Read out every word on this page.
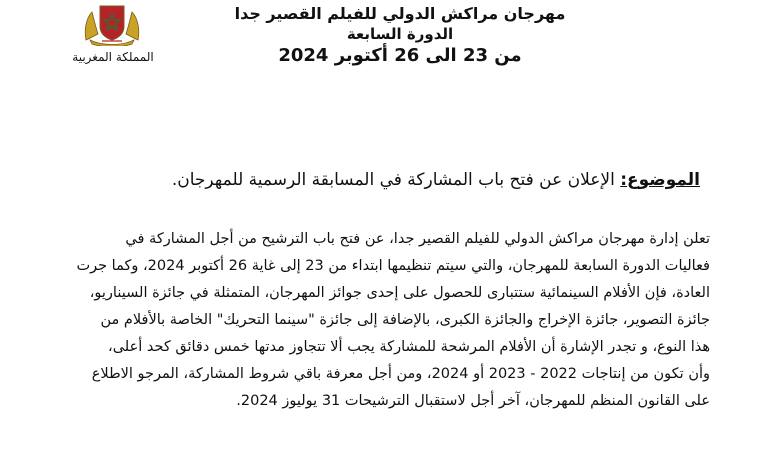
المملكة المغربية
مهرجان مراكش الدولي للفيلم القصير جدا
الدورة السابعة
من 23 الى 26 أكتوبر 2024
الموضوع: الإعلان عن فتح باب المشاركة في المسابقة الرسمية للمهرجان.

تعلن إدارة مهرجان مراكش الدولي للفيلم القصير جدا، عن فتح باب الترشيح من أجل المشاركة في

فعاليات الدورة السابعة للمهرجان، والتي سيتم تنظيمها ابتداء من 23 إلى غاية 26 أكتوبر 2024، وكما جرت

العادة، فإن الأفلام السينمائية ستتبارى للحصول على إحدى جوائز المهرجان، المتمثلة في جائزة السيناريو،

جائزة التصوير، جائزة الإخراج والجائزة الكبرى، بالإضافة إلى جائزة "سينما التحريك" الخاصة بالأفلام من

هذا النوع، و تجدر الإشارة أن الأفلام المرشحة للمشاركة يجب ألا تتجاوز مدتها خمس دقائق كحد أعلى،

وأن تكون من إنتاجات 2022 - 2023 أو 2024، ومن أجل معرفة باقي شروط المشاركة، المرجو الاطلاع

على القانون المنظم للمهرجان، آخر أجل لاستقبال الترشيحات 31 يوليوز 2024.
